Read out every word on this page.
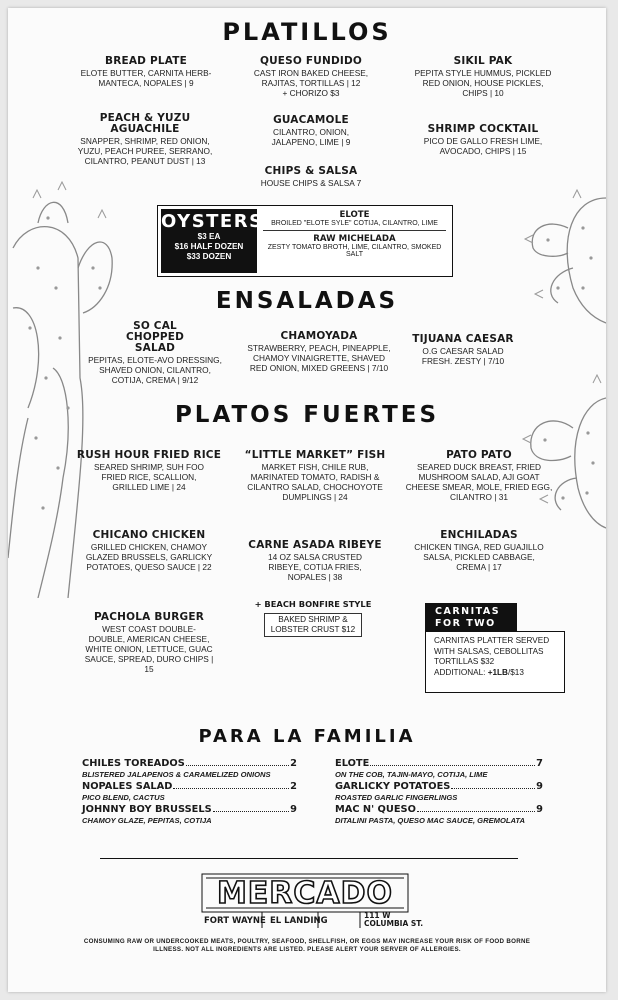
PLATILLOS
BREAD PLATE
ELOTE BUTTER, CARNITA HERB-MANTECA, NOPALES | 9
QUESO FUNDIDO
CAST IRON BAKED CHEESE, RAJITAS, TORTILLAS | 12
+ CHORIZO $3
SIKIL PAK
PEPITA STYLE HUMMUS, PICKLED RED ONION, HOUSE PICKLES, CHIPS | 10
PEACH & YUZU AGUACHILE
SNAPPER, SHRIMP, RED ONION, YUZU, PEACH PUREE, SERRANO, CILANTRO, PEANUT DUST | 13
GUACAMOLE
CILANTRO, ONION, JALAPENO, LIME | 9
SHRIMP COCKTAIL
PICO DE GALLO FRESH LIME, AVOCADO, CHIPS | 15
CHIPS & SALSA
HOUSE CHIPS & SALSA 7
OYSTERS
$3 EA
$16 HALF DOZEN
$33 DOZEN
ELOTE
BROILED "ELOTE SYLE" COTIJA, CILANTRO, LIME
RAW MICHELADA
ZESTY TOMATO BROTH, LIME, CILANTRO, SMOKED SALT
ENSALADAS
SO CAL CHOPPED SALAD
PEPITAS, ELOTE-AVO DRESSING, SHAVED ONION, CILANTRO, COTIJA, CREMA | 9/12
CHAMOYADA
STRAWBERRY, PEACH, PINEAPPLE, CHAMOY VINAIGRETTE, SHAVED RED ONION, MIXED GREENS | 7/10
TIJUANA CAESAR
O.G CAESAR SALAD FRESH. ZESTY | 7/10
PLATOS FUERTES
RUSH HOUR FRIED RICE
SEARED SHRIMP, SUH FOO FRIED RICE, SCALLION, GRILLED LIME | 24
“LITTLE MARKET” FISH
MARKET FISH, CHILE RUB, MARINATED TOMATO, RADISH & CILANTRO SALAD, CHOCHOYOTE DUMPLINGS | 24
PATO PATO
SEARED DUCK BREAST, FRIED MUSHROOM SALAD, AJI GOAT CHEESE SMEAR, MOLE, FRIED EGG, CILANTRO | 31
CHICANO CHICKEN
GRILLED CHICKEN, CHAMOY GLAZED BRUSSELS, GARLICKY POTATOES, QUESO SAUCE | 22
CARNE ASADA RIBEYE
14 OZ SALSA CRUSTED RIBEYE, COTIJA FRIES, NOPALES | 38
ENCHILADAS
CHICKEN TINGA, RED GUAJILLO SALSA, PICKLED CABBAGE, CREMA | 17
+ BEACH BONFIRE STYLE
BAKED SHRIMP & LOBSTER CRUST $12
PACHOLA BURGER
WEST COAST DOUBLE-DOUBLE, AMERICAN CHEESE, WHITE ONION, LETTUCE, GUAC SAUCE, SPREAD, DURO CHIPS | 15
CARNITAS
FOR TWO
CARNITAS PLATTER SERVED WITH SALSAS, CEBOLLITAS TORTILLAS $32
ADDITIONAL: +1LB/$13
PARA LA FAMILIA
CHILES TOREADOS	2
BLISTERED JALAPENOS & CARAMELIZED ONIONS
NOPALES SALAD	2
PICO BLEND, CACTUS
JOHNNY BOY BRUSSELS	9
CHAMOY GLAZE, PEPITAS, COTIJA
ELOTE	7
ON THE COB, TAJIN-MAYO, COTIJA, LIME
GARLICKY POTATOES	9
ROASTED GARLIC FINGERLINGS
MAC N' QUESO	9
DITALINI PASTA, QUESO MAC SAUCE, GREMOLATA
MERCADO
FORT WAYNE EL LANDING
111 W
COLUMBIA ST.
CONSUMING RAW OR UNDERCOOKED MEATS, POULTRY, SEAFOOD, SHELLFISH, OR EGGS MAY INCREASE YOUR RISK OF FOOD BORNE ILLNESS. NOT ALL INGREDIENTS ARE LISTED. PLEASE ALERT YOUR SERVER OF ALLERGIES.
